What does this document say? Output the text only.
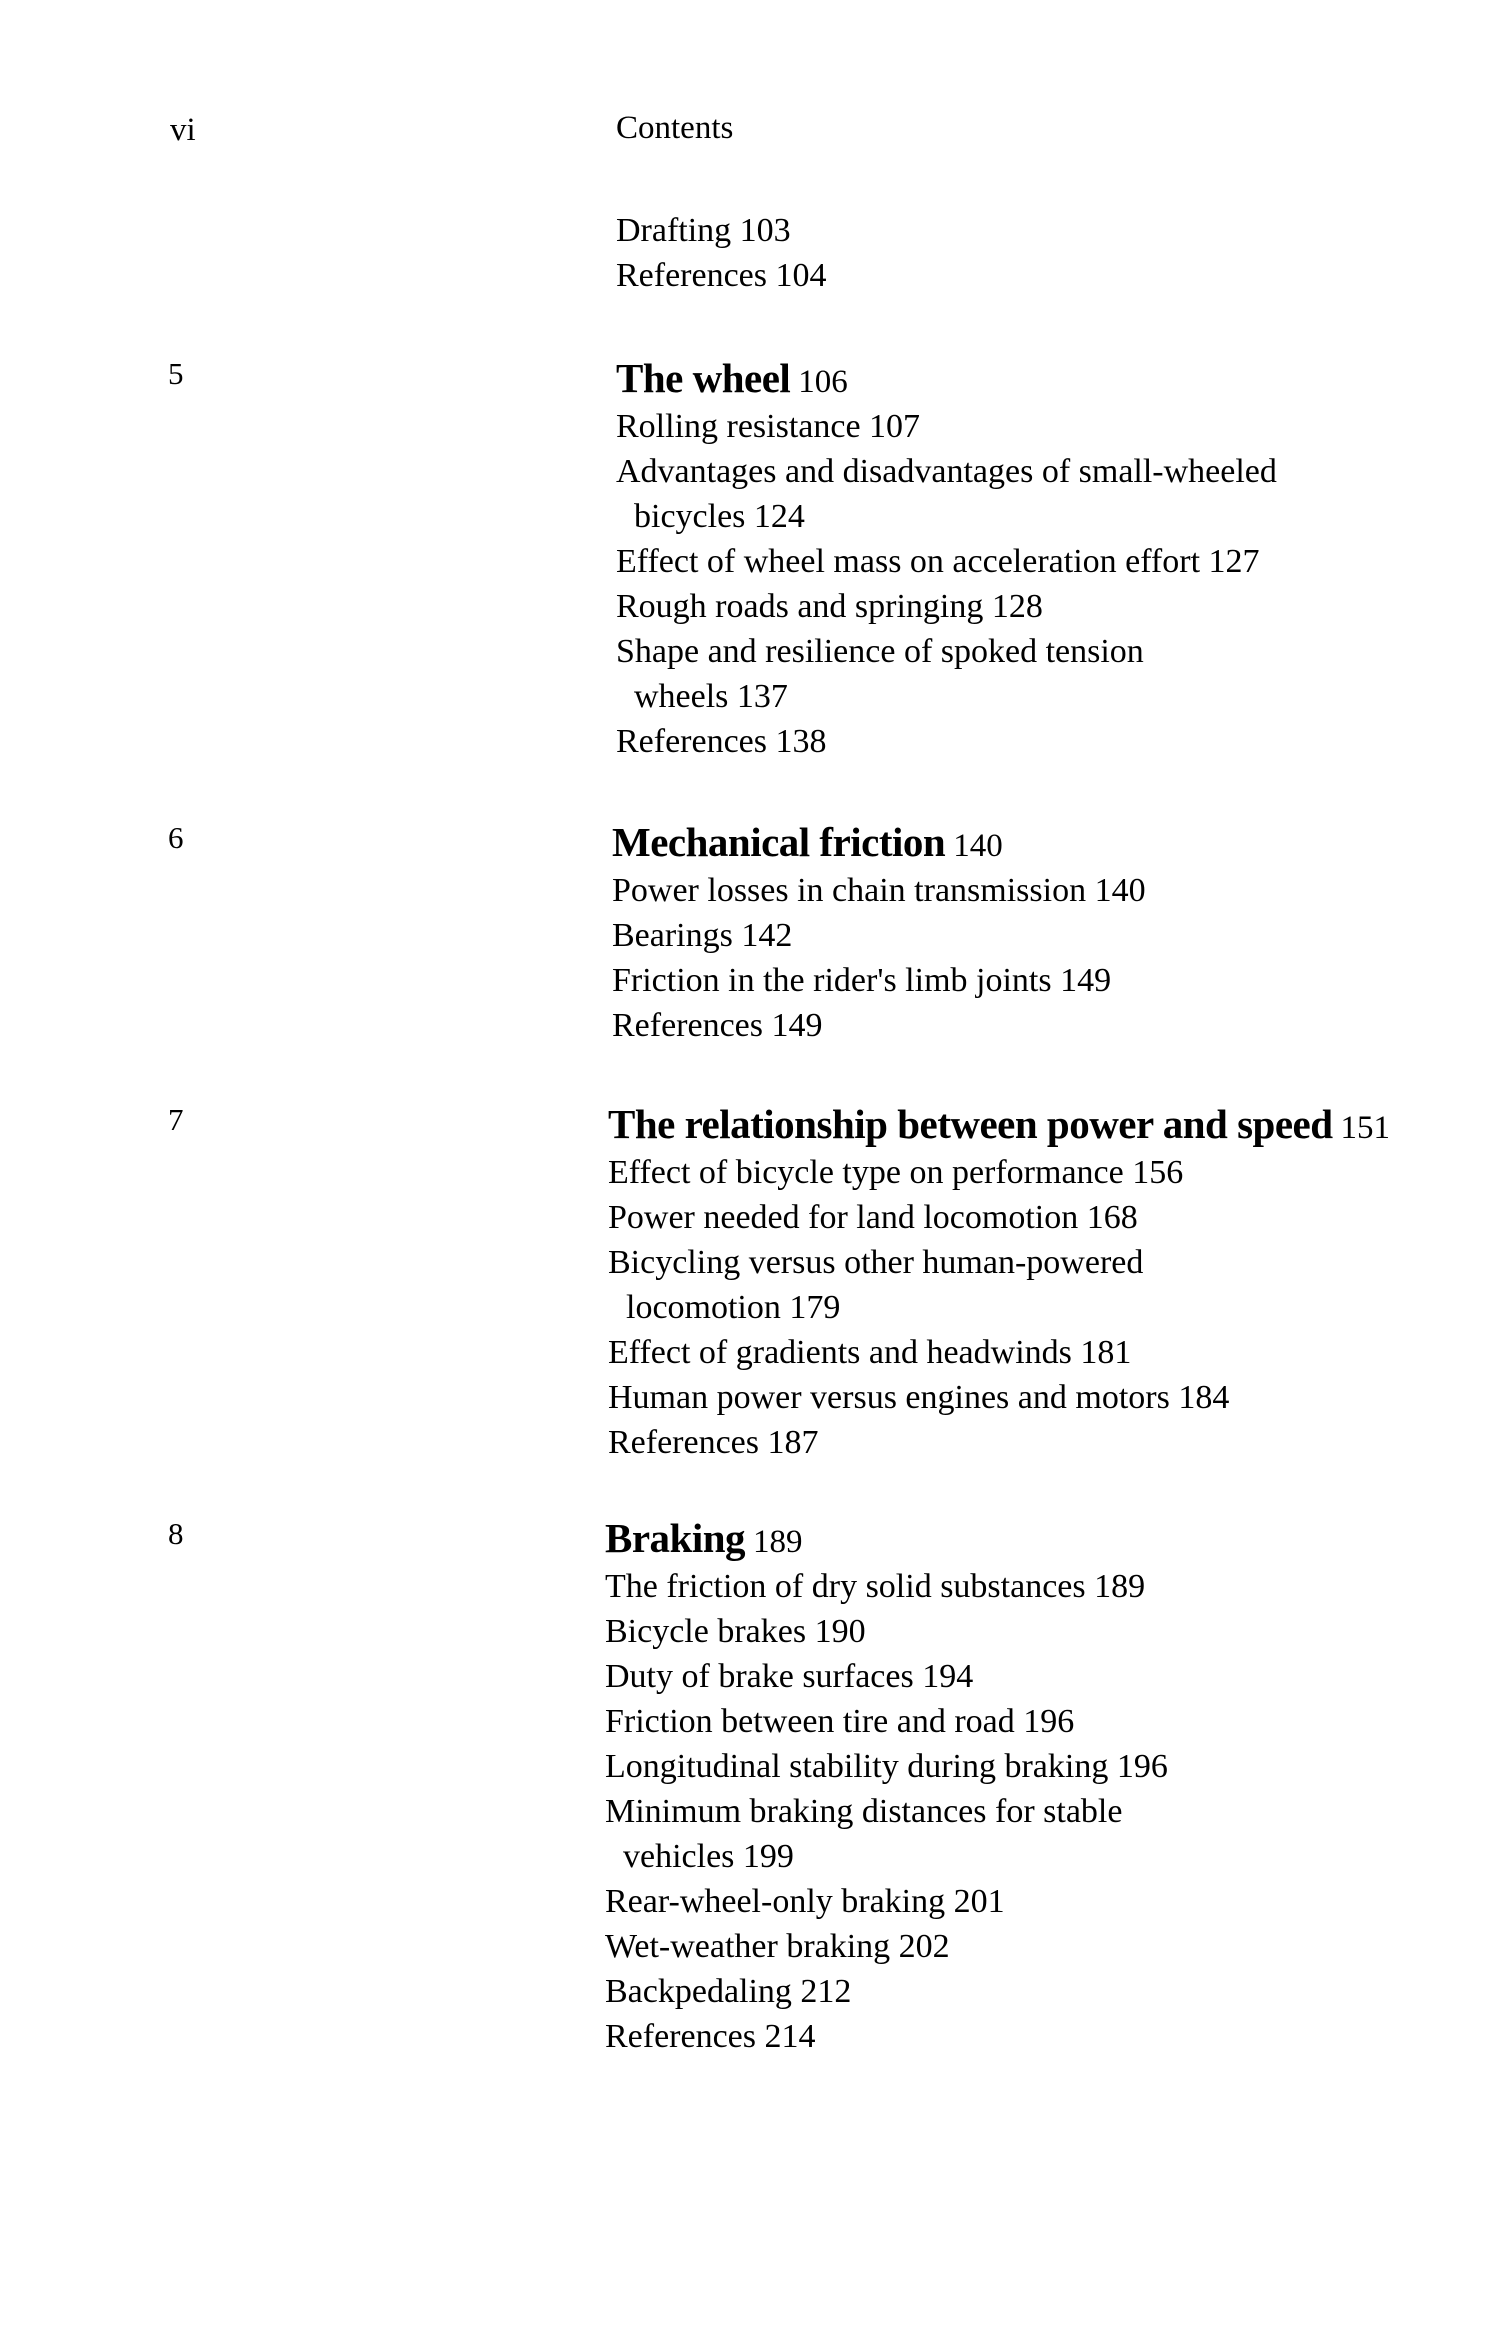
vi	Contents
Drafting 103
References 104
5	The wheel 106
Rolling resistance 107
Advantages and disadvantages of small-wheeled
bicycles 124
Effect of wheel mass on acceleration effort 127
Rough roads and springing 128
Shape and resilience of spoked tension
wheels 137
References 138
6	Mechanical friction 140
Power losses in chain transmission 140
Bearings 142
Friction in the rider's limb joints 149
References 149
7	The relationship between power and speed 151
Effect of bicycle type on performance 156
Power needed for land locomotion 168
Bicycling versus other human-powered
locomotion 179
Effect of gradients and headwinds 181
Human power versus engines and motors 184
References 187
8	Braking 189
The friction of dry solid substances 189
Bicycle brakes 190
Duty of brake surfaces 194
Friction between tire and road 196
Longitudinal stability during braking 196
Minimum braking distances for stable
vehicles 199
Rear-wheel-only braking 201
Wet-weather braking 202
Backpedaling 212
References 214
